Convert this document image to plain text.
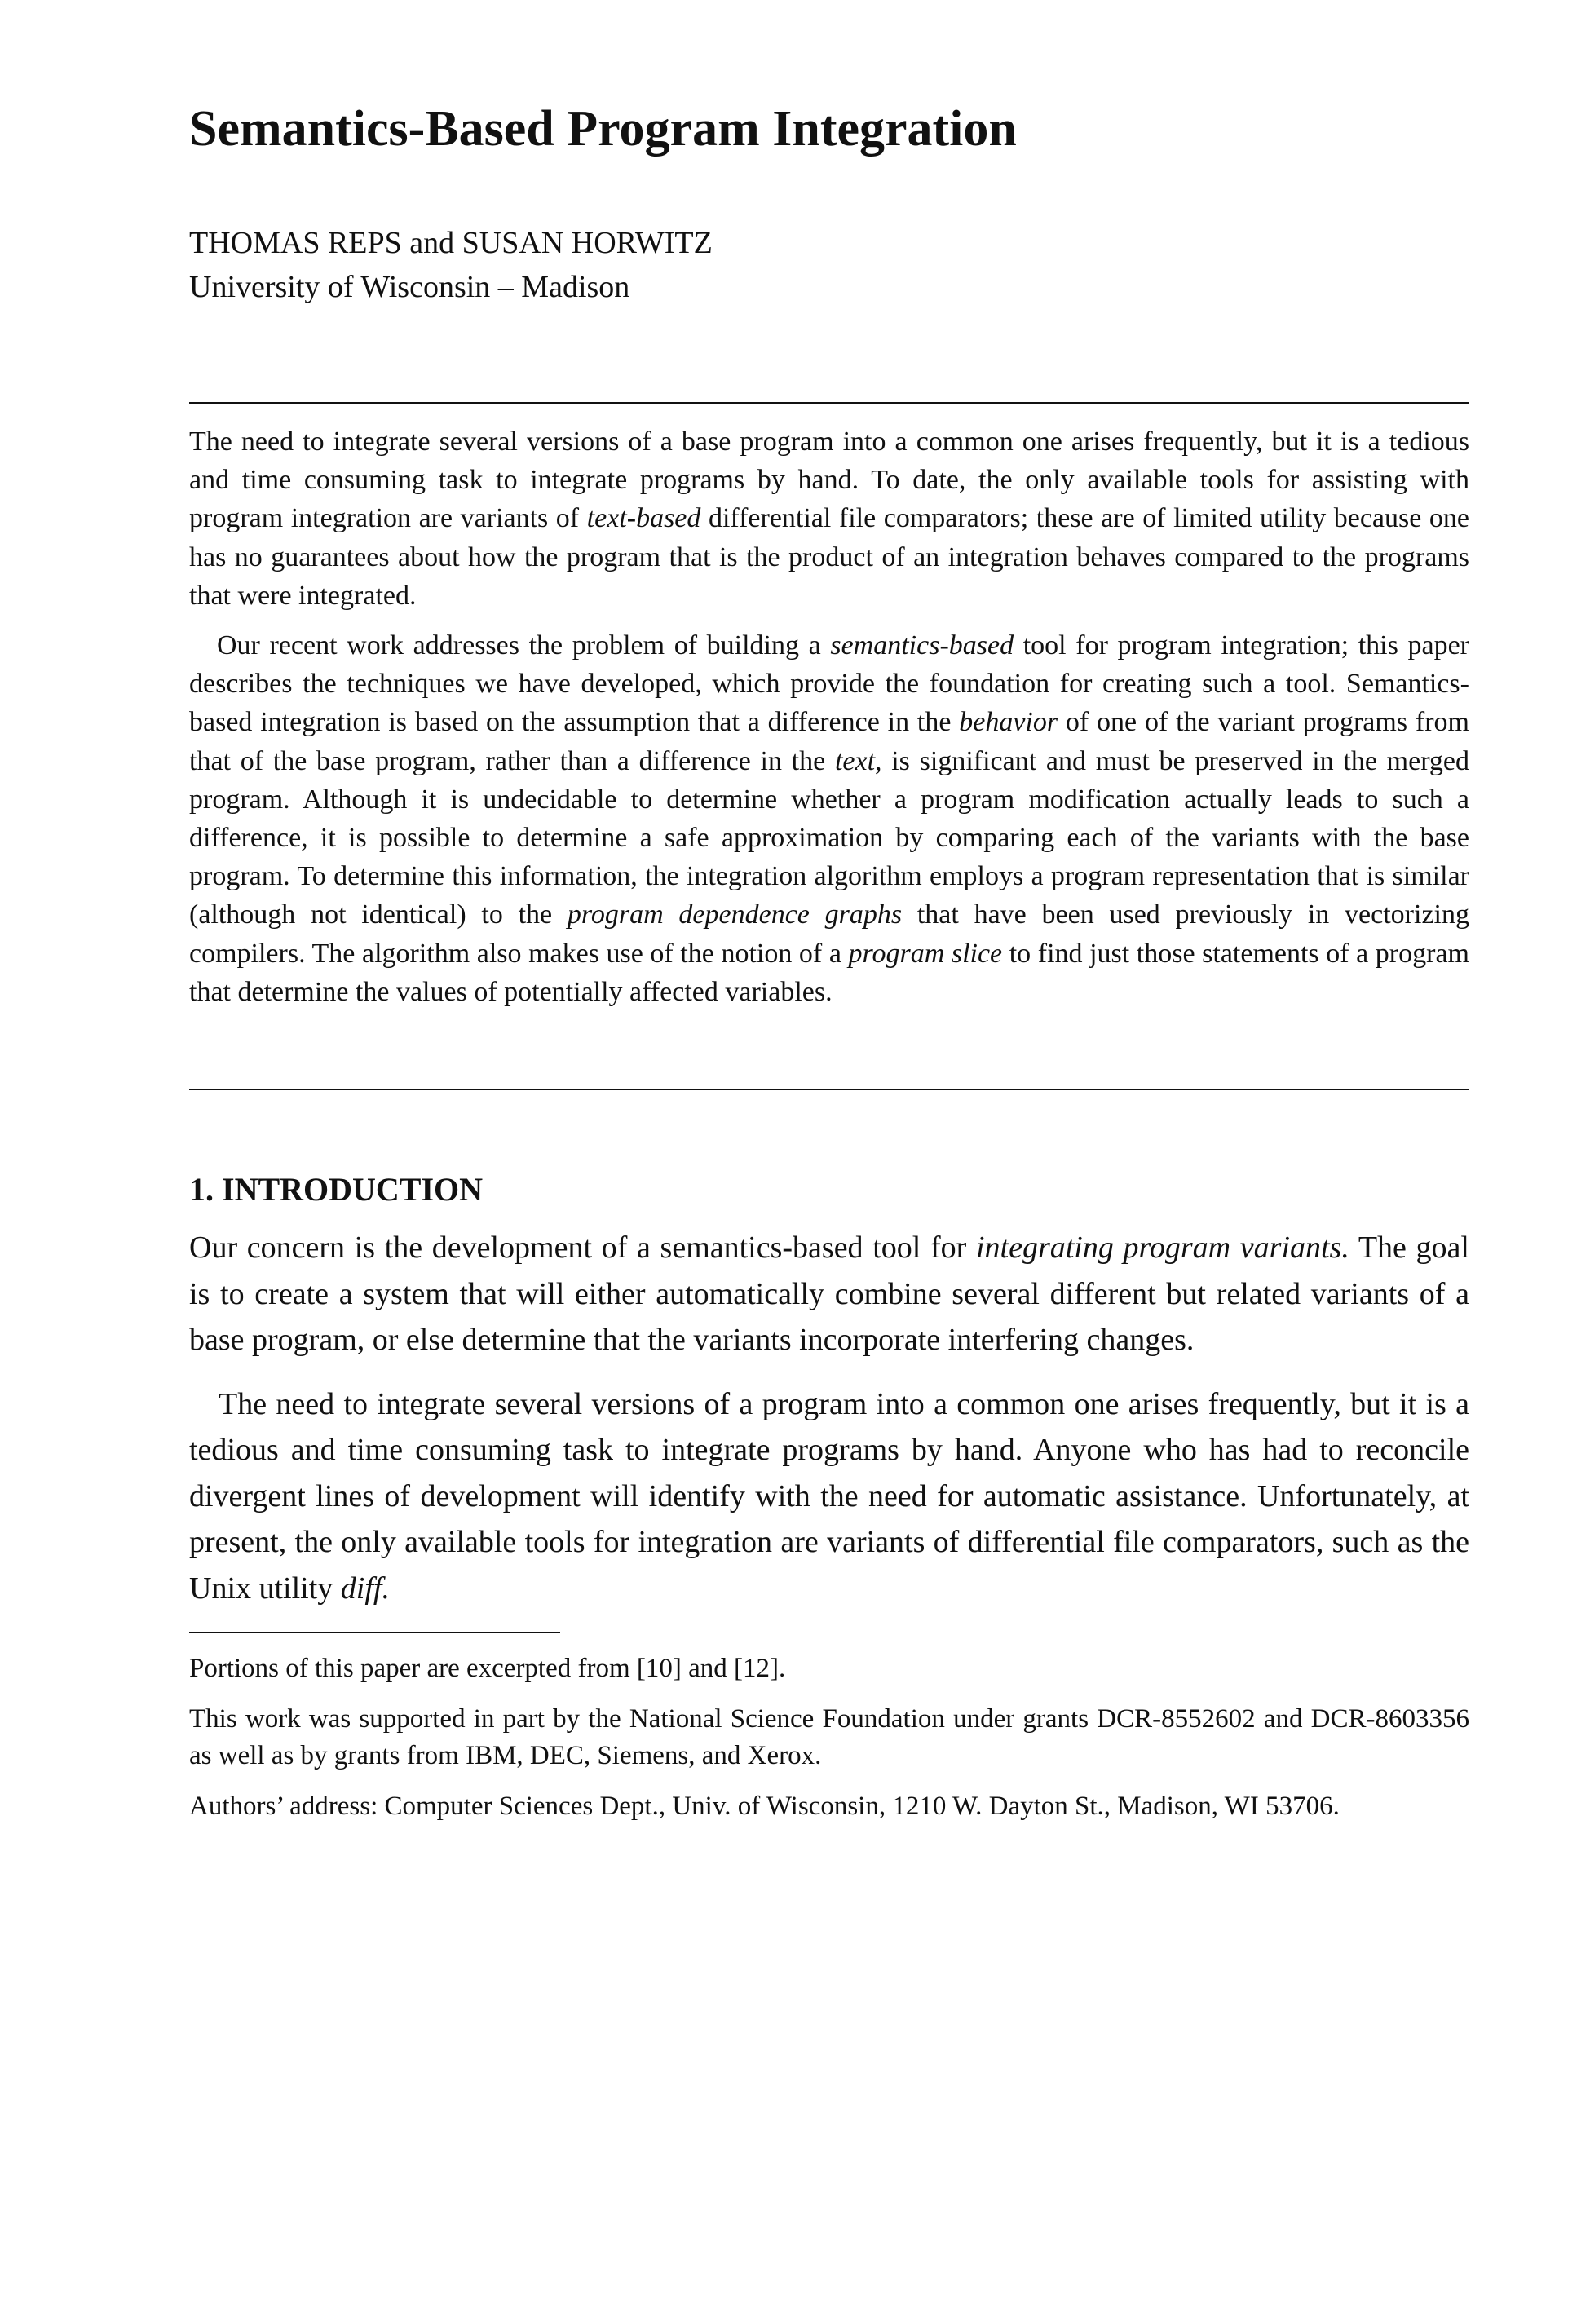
Semantics-Based Program Integration
THOMAS REPS and SUSAN HORWITZ
University of Wisconsin – Madison

The need to integrate several versions of a base program into a common one arises frequently, but it is a tedious and time consuming task to integrate programs by hand. To date, the only available tools for assisting with program integration are variants of text-based differential file comparators; these are of limited utility because one has no guarantees about how the program that is the product of an integration behaves compared to the programs that were integrated.

Our recent work addresses the problem of building a semantics-based tool for program integration; this paper describes the techniques we have developed, which provide the foundation for creating such a tool. Semantics-based integration is based on the assumption that a difference in the behavior of one of the variant programs from that of the base program, rather than a difference in the text, is significant and must be preserved in the merged program. Although it is undecidable to determine whether a program modification actually leads to such a difference, it is possible to determine a safe approximation by comparing each of the variants with the base program. To determine this information, the integration algorithm employs a program representation that is similar (although not identical) to the program dependence graphs that have been used previously in vectorizing compilers. The algorithm also makes use of the notion of a program slice to find just those statements of a program that determine the values of potentially affected variables.

1. INTRODUCTION

Our concern is the development of a semantics-based tool for integrating program variants. The goal is to create a system that will either automatically combine several different but related variants of a base program, or else determine that the variants incorporate interfering changes.

The need to integrate several versions of a program into a common one arises frequently, but it is a tedious and time consuming task to integrate programs by hand. Anyone who has had to reconcile divergent lines of development will identify with the need for automatic assistance. Unfortunately, at present, the only available tools for integration are variants of differential file comparators, such as the Unix utility diff.

Portions of this paper are excerpted from [10] and [12].

This work was supported in part by the National Science Foundation under grants DCR-8552602 and DCR-8603356 as well as by grants from IBM, DEC, Siemens, and Xerox.

Authors’ address: Computer Sciences Dept., Univ. of Wisconsin, 1210 W. Dayton St., Madison, WI 53706.
